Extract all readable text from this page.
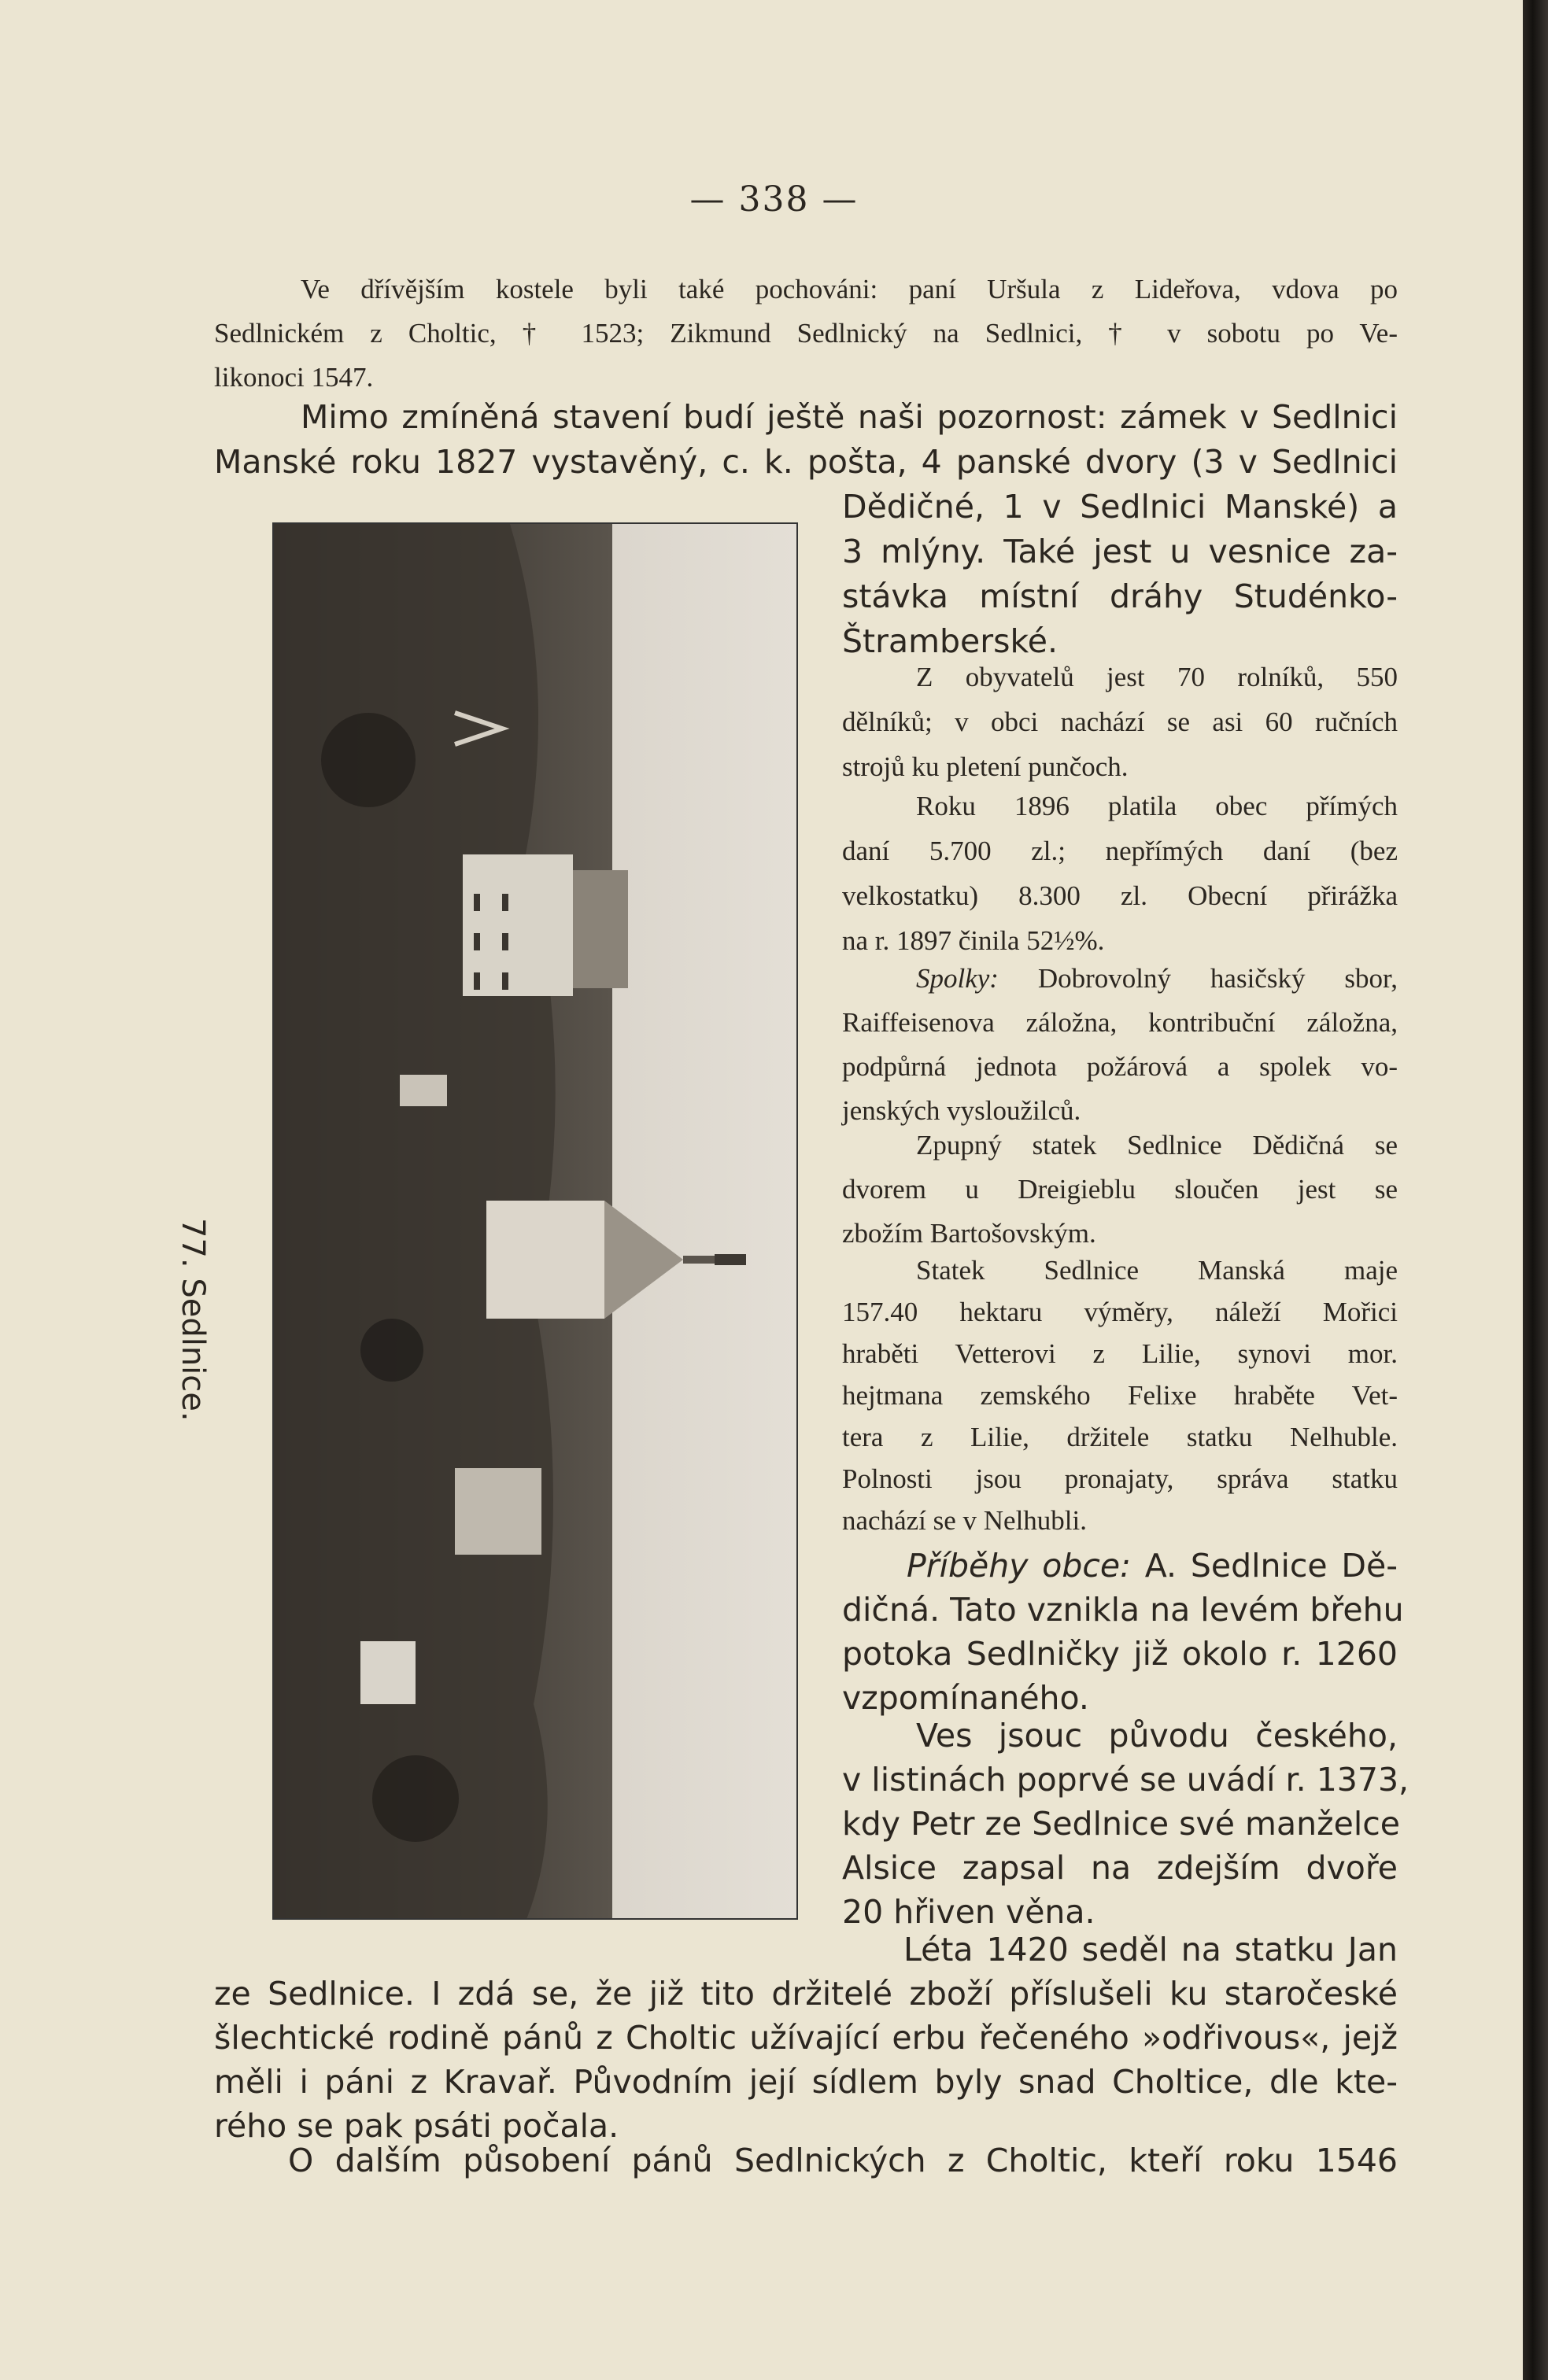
— 338 —
Ve dřívějším kostele byli také pochováni: paní Uršula z Lideřova, vdova po
Sedlnickém z Choltic, † 1523; Zikmund Sedlnický na Sedlnici, † v sobotu po Ve-
likonoci 1547.
Mimo zmíněná stavení budí ještě naši pozornost: zámek v Sedlnici
Manské roku 1827 vystavěný, c. k. pošta, 4 panské dvory (3 v Sedlnici
77. Sedlnice.
Dědičné, 1 v Sedlnici Manské) a
3 mlýny. Také jest u vesnice za-
stávka místní dráhy Studénko-
Štramberské.
Z obyvatelů jest 70 rolníků, 550
dělníků; v obci nachází se asi 60 ručních
strojů ku pletení punčoch.
Roku 1896 platila obec přímých
daní 5.700 zl.; nepřímých daní (bez
velkostatku) 8.300 zl. Obecní přirážka
na r. 1897 činila 52½%.
Spolky: Dobrovolný hasičský sbor,
Raiffeisenova záložna, kontribuční záložna,
podpůrná jednota požárová a spolek vo-
jenských vysloužilců.
Zpupný statek Sedlnice Dědičná se
dvorem u Dreigieblu sloučen jest se
zbožím Bartošovským.
Statek Sedlnice Manská maje
157.40 hektaru výměry, náleží Mořici
hraběti Vetterovi z Lilie, synovi mor.
hejtmana zemského Felixe hraběte Vet-
tera z Lilie, držitele statku Nelhuble.
Polnosti jsou pronajaty, správa statku
nachází se v Nelhubli.
Příběhy obce: A. Sedlnice Dě-
dičná. Tato vznikla na levém břehu
potoka Sedlničky již okolo r. 1260
vzpomínaného.
Ves jsouc původu českého,
v listinách poprvé se uvádí r. 1373,
kdy Petr ze Sedlnice své manželce
Alsice zapsal na zdejším dvoře
20 hřiven věna.
Léta 1420 seděl na statku Jan
ze Sedlnice. I zdá se, že již tito držitelé zboží příslušeli ku staročeské
šlechtické rodině pánů z Choltic užívající erbu řečeného »odřivous«, jejž
měli i páni z Kravař. Původním její sídlem byly snad Choltice, dle kte-
rého se pak psáti počala.
O dalším působení pánů Sedlnických z Choltic, kteří roku 1546
